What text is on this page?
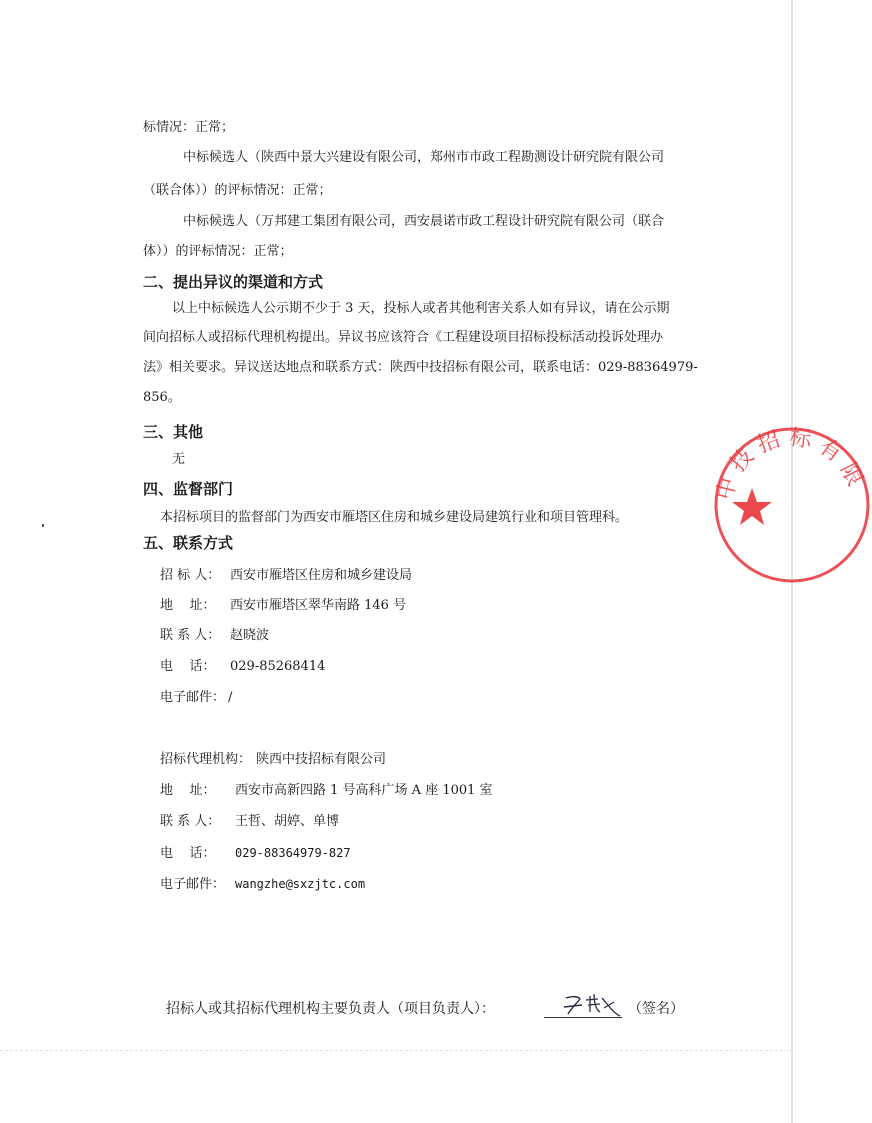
标情况：正常；
中标候选人（陕西中景大兴建设有限公司，郑州市市政工程勘测设计研究院有限公司
（联合体））的评标情况：正常；
中标候选人（万邦建工集团有限公司，西安晨诺市政工程设计研究院有限公司（联合
体））的评标情况：正常；
二、提出异议的渠道和方式
以上中标候选人公示期不少于 3 天，投标人或者其他利害关系人如有异议，请在公示期
间向招标人或招标代理机构提出。异议书应该符合《工程建设项目招标投标活动投诉处理办
法》相关要求。异议送达地点和联系方式：陕西中技招标有限公司，联系电话：029-88364979-
856。
三、其他
无
四、监督部门
本招标项目的监督部门为西安市雁塔区住房和城乡建设局建筑行业和项目管理科。
五、联系方式
招 标 人： 西安市雁塔区住房和城乡建设局
地    址： 西安市雁塔区翠华南路 146 号
联 系 人： 赵晓波
电    话： 029-85268414
电子邮件： /
招标代理机构： 陕西中技招标有限公司
地    址： 西安市高新四路 1 号高科广场 A 座 1001 室
联 系 人： 王哲、胡婷、单博
电    话： 029-88364979-827
电子邮件： wangzhe@sxzjtc.com
招标人或其招标代理机构主要负责人（项目负责人）：	（签名）
中 技 招 标 有 限 公 司
